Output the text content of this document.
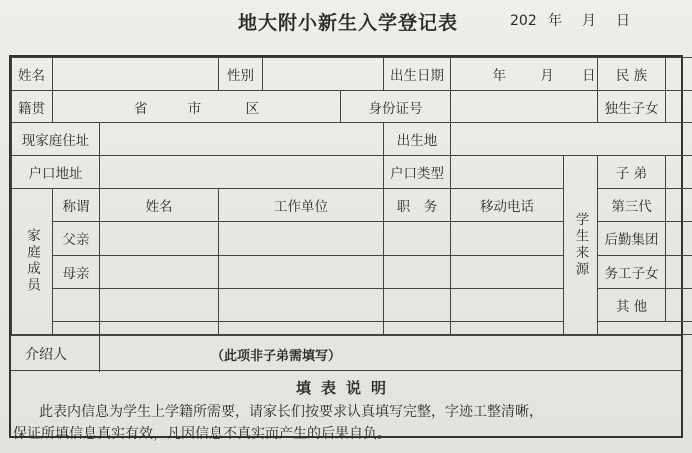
地大附小新生入学登记表	202 年 月 日
姓名			性别			出生日期	年 月 日		民 族	
籍贯	省 市 区				身份证号				独生子女	
现家庭住址						出生地				
户口地址						户口类型		学生来源	子 弟	

家庭成员	称谓	姓名	工作单位			职　务	移动电话		第三代	
	父亲								后勤集团	
	母亲								务工子女	
									其 他	

介绍人	（此项非子弟需填写）
填表说明
此表内信息为学生上学籍所需要，请家长们按要求认真填写完整，字迹工整清晰，
保证所填信息真实有效，凡因信息不真实而产生的后果自负。
